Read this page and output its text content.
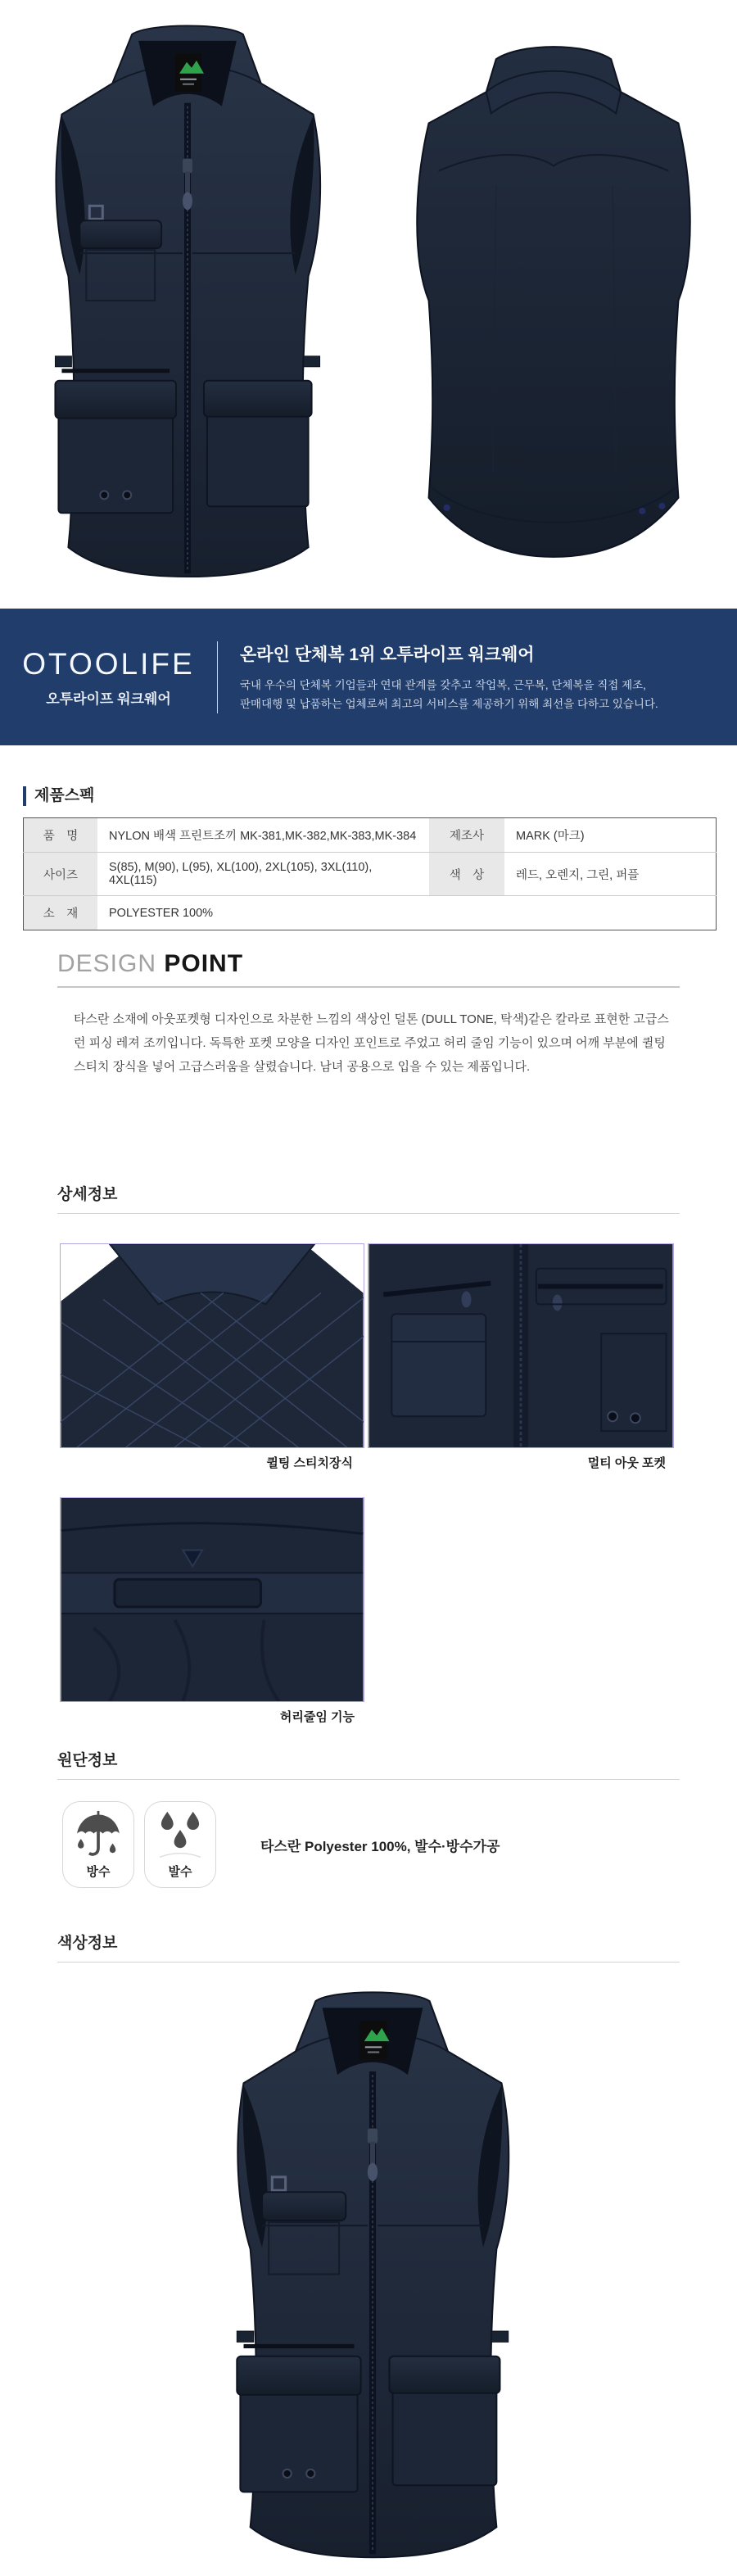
OTOOLIFE
오투라이프 워크웨어
온라인 단체복 1위 오투라이프 워크웨어
국내 우수의 단체복 기업들과 연대 관계를 갖추고 작업복, 근무복, 단체복을 직접 제조,
판매대행 및 납품하는 업체로써 최고의 서비스를 제공하기 위해 최선을 다하고 있습니다.
제품스펙
품　명	NYLON 배색 프린트조끼 MK-381,MK-382,MK-383,MK-384	제조사	MARK (마크)
사이즈	S(85), M(90), L(95), XL(100), 2XL(105), 3XL(110), 4XL(115)	색　상	레드, 오렌지, 그린, 퍼플
소　재	POLYESTER 100%		
DESIGN POINT

타스란 소재에 아웃포켓형 디자인으로 차분한 느낌의 색상인 덜톤 (DULL TONE, 탁색)같은 칼라로 표현한 고급스런 피싱 레져 조끼입니다. 독특한 포켓 모양을 디자인 포인트로 주었고 허리 줄임 기능이 있으며 어깨 부분에 퀼팅 스티치 장식을 넣어 고급스러움을 살렸습니다. 남녀 공용으로 입을 수 있는 제품입니다.

상세정보
퀼팅 스티치장식	멀티 아웃 포켓
허리줄임 기능
원단정보
방수	발수
타스란 Polyester 100%, 발수·방수가공
색상정보
